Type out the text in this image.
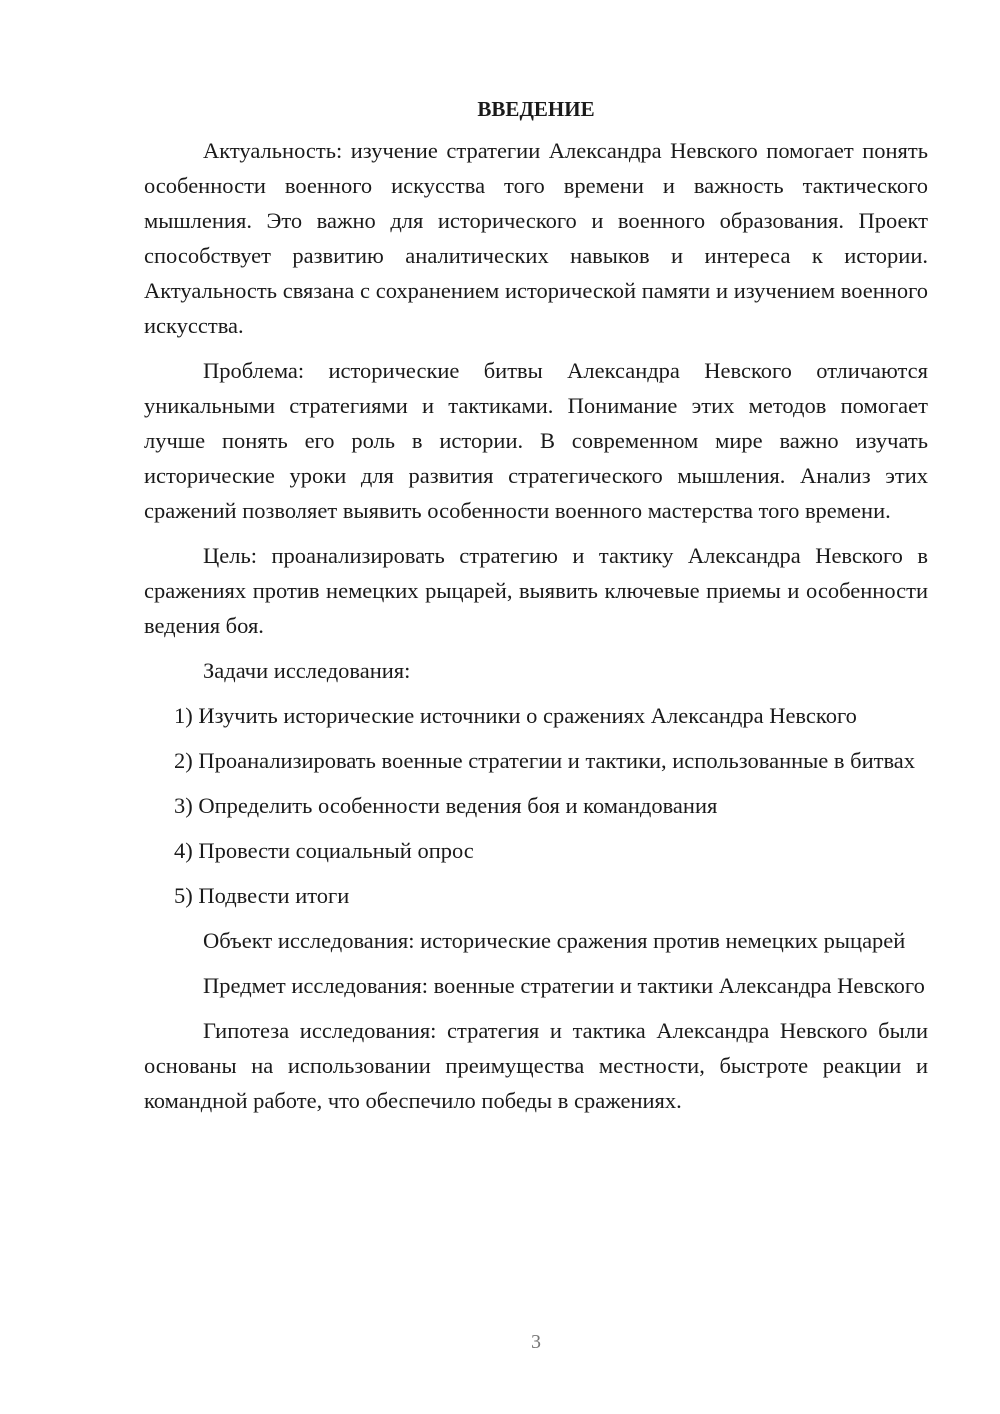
ВВЕДЕНИЕ

Актуальность: изучение стратегии Александра Невского помогает понять особенности военного искусства того времени и важность тактического мышления. Это важно для исторического и военного образования. Проект способствует развитию аналитических навыков и интереса к истории. Актуальность связана с сохранением исторической памяти и изучением военного искусства.

Проблема: исторические битвы Александра Невского отличаются уникальными стратегиями и тактиками. Понимание этих методов помогает лучше понять его роль в истории. В современном мире важно изучать исторические уроки для развития стратегического мышления. Анализ этих сражений позволяет выявить особенности военного мастерства того времени.

Цель: проанализировать стратегию и тактику Александра Невского в сражениях против немецких рыцарей, выявить ключевые приемы и особенности ведения боя.

Задачи исследования:

1) Изучить исторические источники о сражениях Александра Невского

2) Проанализировать военные стратегии и тактики, использованные в битвах

3) Определить особенности ведения боя и командования

4) Провести социальный опрос

5) Подвести итоги

Объект исследования: исторические сражения против немецких рыцарей

Предмет исследования: военные стратегии и тактики Александра Невского

Гипотеза исследования: стратегия и тактика Александра Невского были основаны на использовании преимущества местности, быстроте реакции и командной работе, что обеспечило победы в сражениях.

3
